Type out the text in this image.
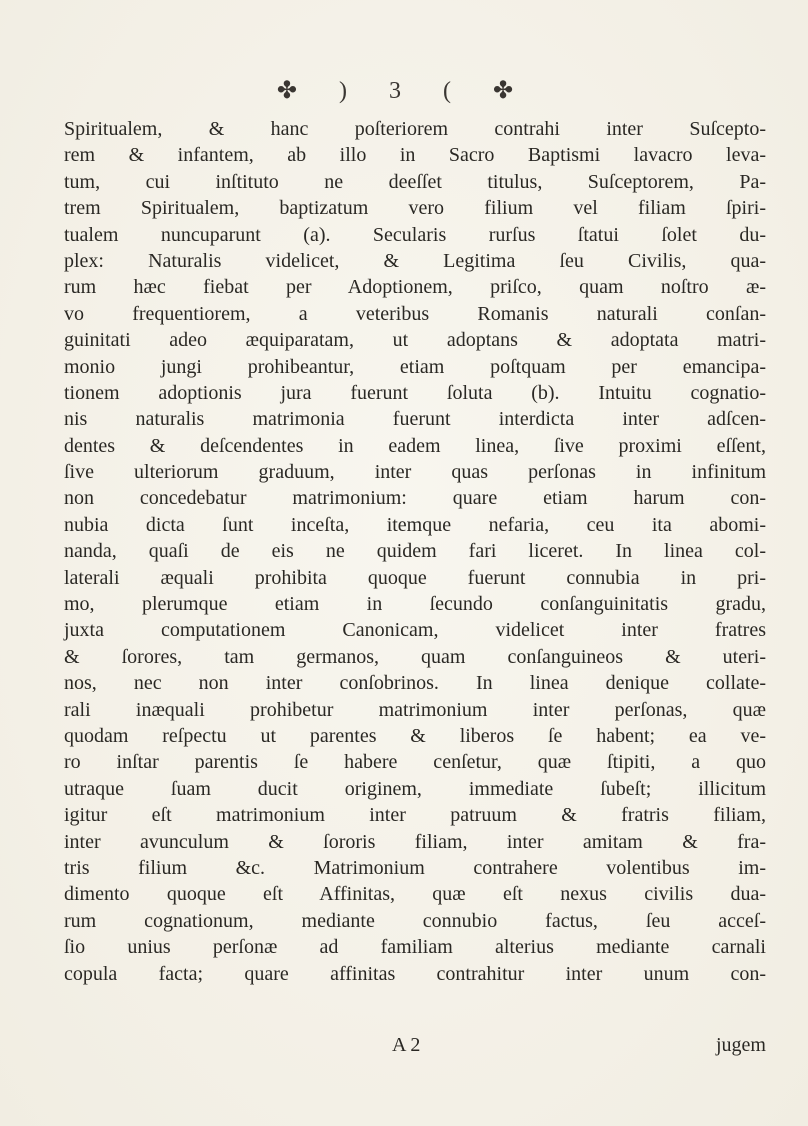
✤ ) 3 ( ✤
Spiritualem, & hanc poſteriorem contrahi inter Suſcepto-
rem & infantem, ab illo in Sacro Baptismi lavacro leva-
tum, cui inſtituto ne deeſſet titulus, Suſceptorem, Pa-
trem Spiritualem, baptizatum vero filium vel filiam ſpiri-
tualem nuncuparunt (a). Secularis rurſus ſtatui ſolet du-
plex: Naturalis videlicet, & Legitima ſeu Civilis, qua-
rum hæc fiebat per Adoptionem, priſco, quam noſtro æ-
vo frequentiorem, a veteribus Romanis naturali conſan-
guinitati adeo æquiparatam, ut adoptans & adoptata matri-
monio jungi prohibeantur, etiam poſtquam per emancipa-
tionem adoptionis jura fuerunt ſoluta (b). Intuitu cognatio-
nis naturalis matrimonia fuerunt interdicta inter adſcen-
dentes & deſcendentes in eadem linea, ſive proximi eſſent,
ſive ulteriorum graduum, inter quas perſonas in infinitum
non concedebatur matrimonium: quare etiam harum con-
nubia dicta ſunt inceſta, itemque nefaria, ceu ita abomi-
nanda, quaſi de eis ne quidem fari liceret. In linea col-
laterali æquali prohibita quoque fuerunt connubia in pri-
mo, plerumque etiam in ſecundo conſanguinitatis gradu,
juxta computationem Canonicam, videlicet inter fratres
& ſorores, tam germanos, quam conſanguineos & uteri-
nos, nec non inter conſobrinos. In linea denique collate-
rali inæquali prohibetur matrimonium inter perſonas, quæ
quodam reſpectu ut parentes & liberos ſe habent; ea ve-
ro inſtar parentis ſe habere cenſetur, quæ ſtipiti, a quo
utraque ſuam ducit originem, immediate ſubeſt; illicitum
igitur eſt matrimonium inter patruum & fratris filiam,
inter avunculum & ſororis filiam, inter amitam & fra-
tris filium &c. Matrimonium contrahere volentibus im-
dimento quoque eſt Affinitas, quæ eſt nexus civilis dua-
rum cognationum, mediante connubio factus, ſeu acceſ-
ſio unius perſonæ ad familiam alterius mediante carnali
copula facta; quare affinitas contrahitur inter unum con-
A 2	jugem
